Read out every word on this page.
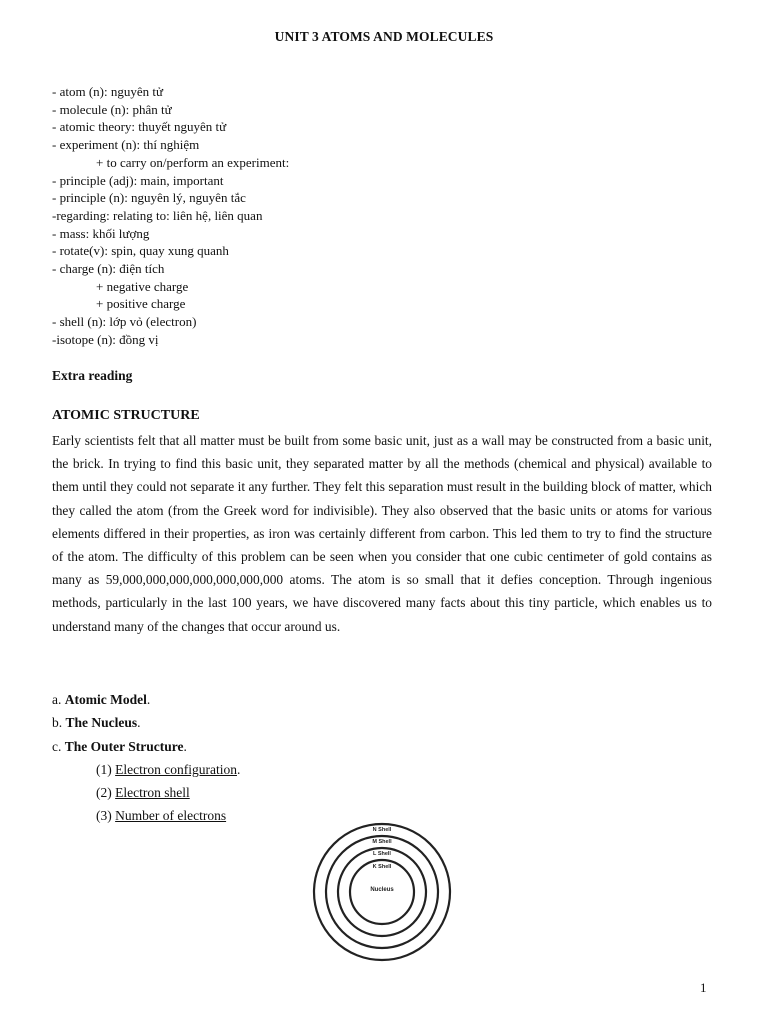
UNIT 3 ATOMS AND MOLECULES
- atom (n): nguyên tử
- molecule (n): phân tử
- atomic theory: thuyết nguyên tử
- experiment (n): thí nghiệm
+ to carry on/perform an experiment:
- principle (adj): main, important
- principle (n): nguyên lý, nguyên tắc
-regarding: relating to: liên hệ, liên quan
- mass: khối lượng
- rotate(v): spin, quay xung quanh
- charge (n): điện tích
+ negative charge
+ positive charge
- shell (n): lớp vỏ (electron)
-isotope (n): đồng vị
Extra reading
ATOMIC STRUCTURE

Early scientists felt that all matter must be built from some basic unit, just as a wall may be constructed from a basic unit, the brick. In trying to find this basic unit, they separated matter by all the methods (chemical and physical) available to them until they could not separate it any further. They felt this separation must result in the building block of matter, which they called the atom (from the Greek word for indivisible). They also observed that the basic units or atoms for various elements differed in their properties, as iron was certainly different from carbon. This led them to try to find the structure of the atom. The difficulty of this problem can be seen when you consider that one cubic centimeter of gold contains as many as 59,000,000,000,000,000,000,000 atoms. The atom is so small that it defies conception. Through ingenious methods, particularly in the last 100 years, we have discovered many facts about this tiny particle, which enables us to understand many of the changes that occur around us.

a. Atomic Model.
b. The Nucleus.
c. The Outer Structure.
(1) Electron configuration.
(2) Electron shell
(3) Number of electrons
N Shell
M Shell
L Shell
K Shell
Nucleus
1
